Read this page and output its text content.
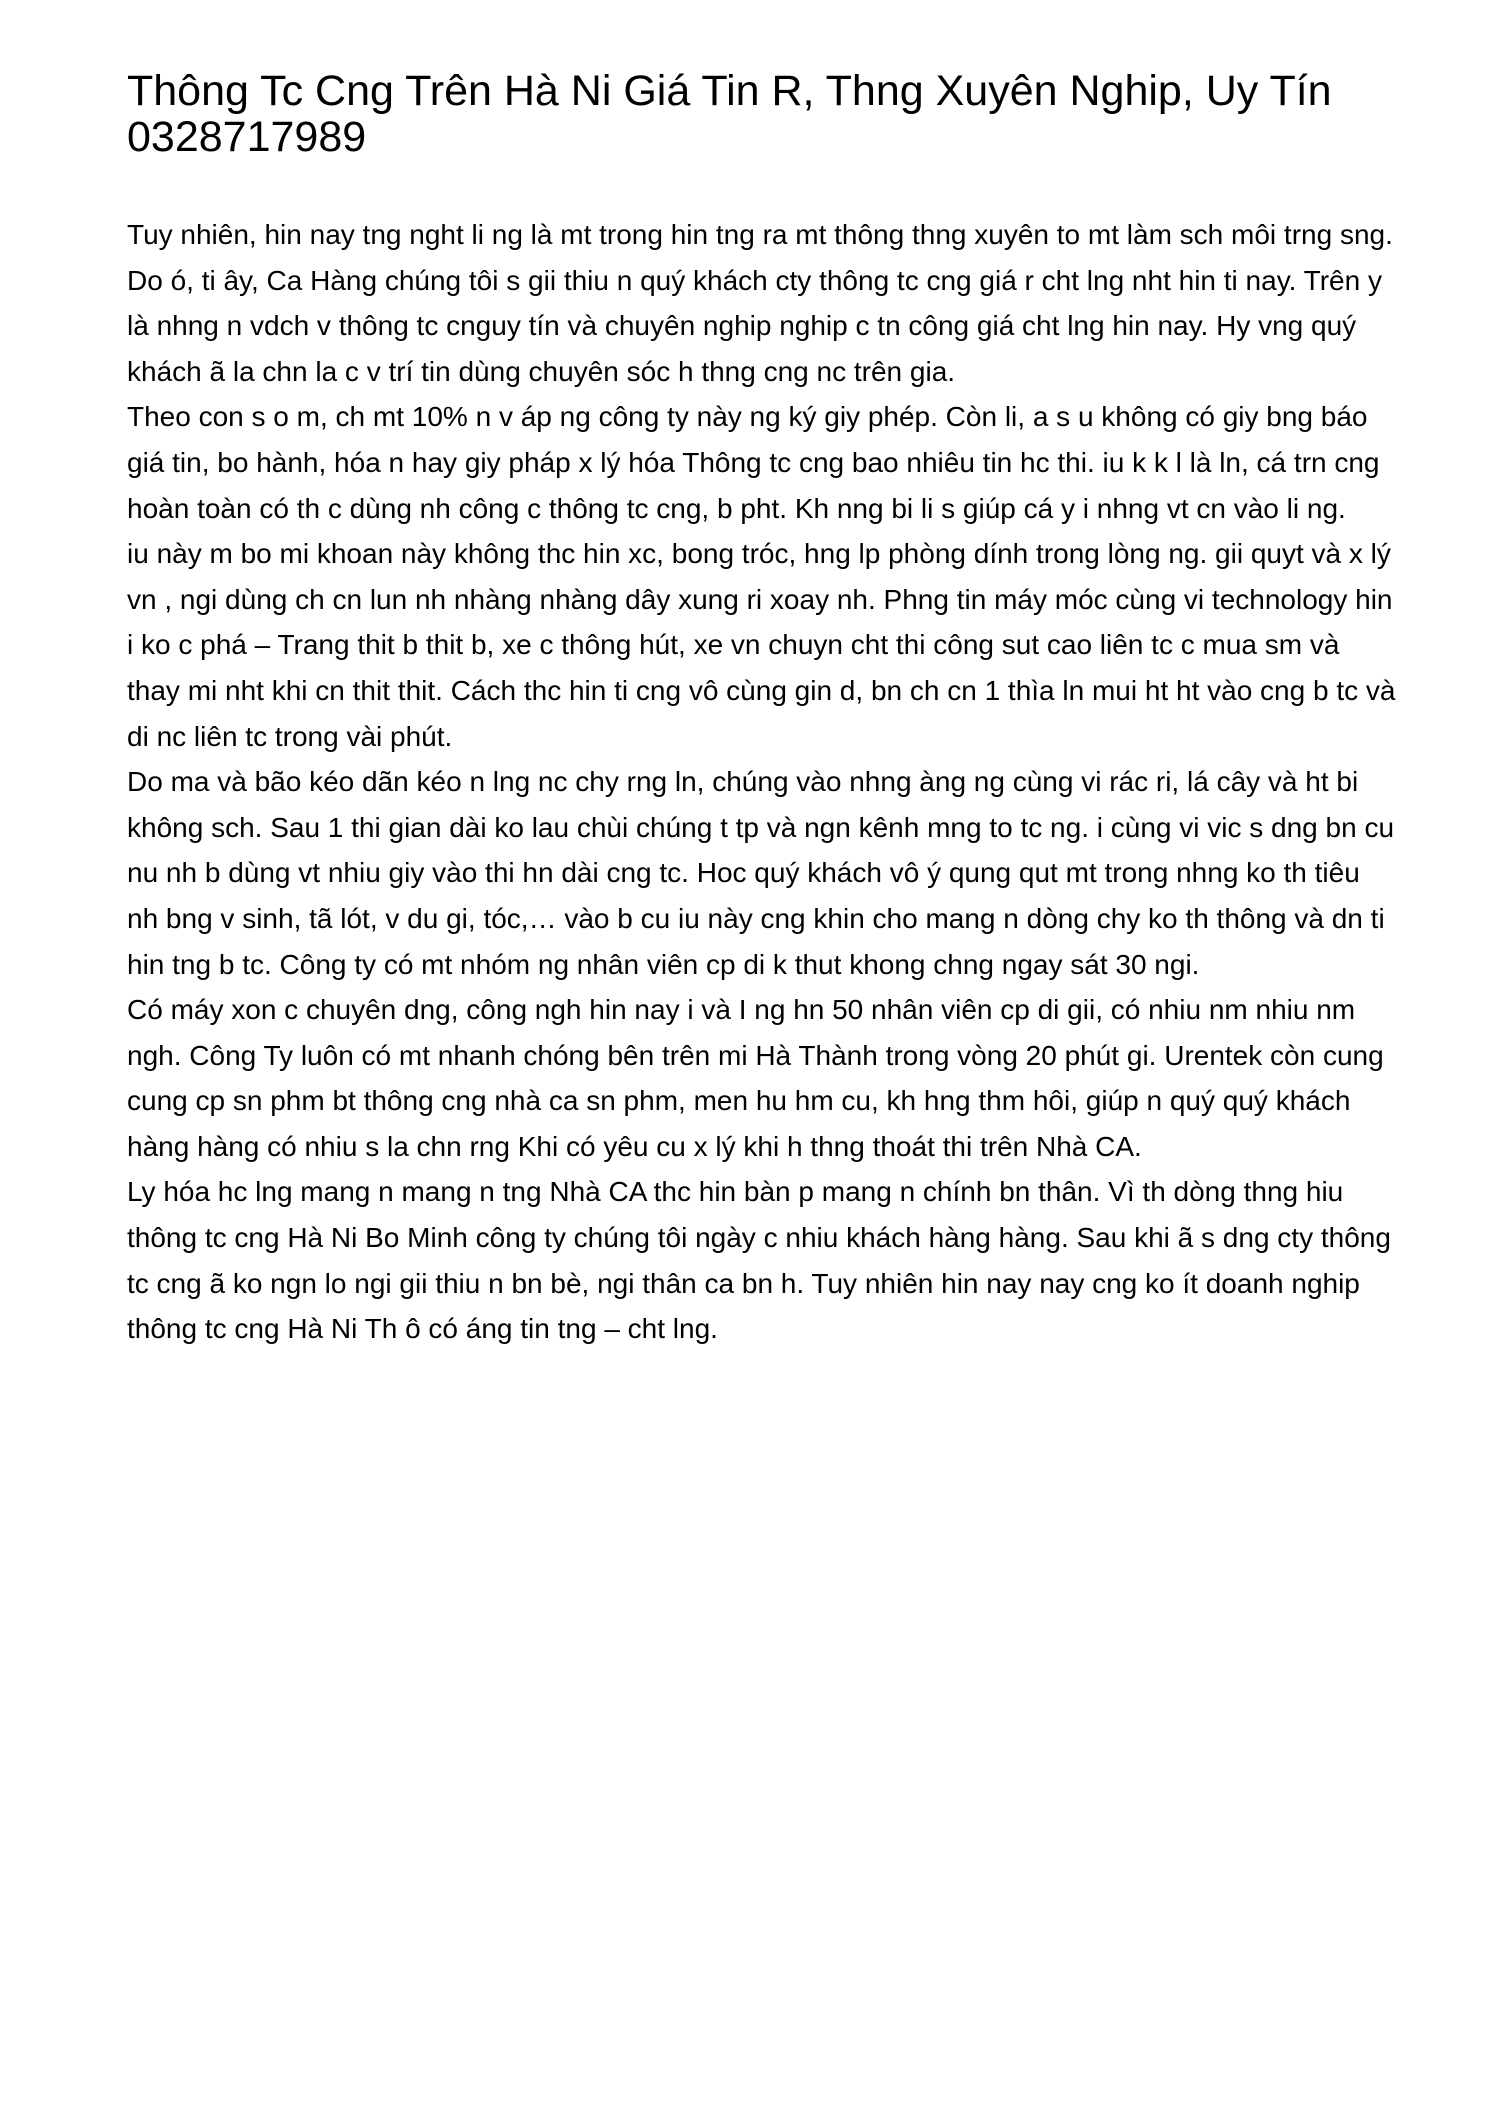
Thông Tc Cng Trên Hà Ni Giá Tin R, Thng Xuyên Nghip, Uy Tín 0328717989

Tuy nhiên, hin nay tng nght li ng là mt trong hin tng ra mt thông thng xuyên to mt làm sch môi trng sng. Do ó, ti ây, Ca Hàng chúng tôi s gii thiu n quý khách cty thông tc cng giá r cht lng nht hin ti nay. Trên y là nhng n vdch v thông tc cnguy tín và chuyên nghip nghip c tn công giá cht lng hin nay. Hy vng quý khách ã la chn la c v trí tin dùng chuyên sóc h thng cng nc trên gia.

Theo con s o m, ch mt 10% n v áp ng công ty này ng ký giy phép. Còn li, a s u không có giy bng báo giá tin, bo hành, hóa n hay giy pháp x lý hóa Thông tc cng bao nhiêu tin hc thi. iu k k l là ln, cá trn cng hoàn toàn có th c dùng nh công c thông tc cng, b pht. Kh nng bi li s giúp cá y i nhng vt cn vào li ng.

iu này m bo mi khoan này không thc hin xc, bong tróc, hng lp phòng dính trong lòng ng. gii quyt và x lý vn , ngi dùng ch cn lun nh nhàng nhàng dây xung ri xoay nh. Phng tin máy móc cùng vi technology hin i ko c phá – Trang thit b thit b, xe c thông hút, xe vn chuyn cht thi công sut cao liên tc c mua sm và thay mi nht khi cn thit thit. Cách thc hin ti cng vô cùng gin d, bn ch cn 1 thìa ln mui ht ht vào cng b tc và di nc liên tc trong vài phút.

Do ma và bão kéo dãn kéo n lng nc chy rng ln, chúng vào nhng àng ng cùng vi rác ri, lá cây và ht bi không sch. Sau 1 thi gian dài ko lau chùi chúng t tp và ngn kênh mng to tc ng. i cùng vi vic s dng bn cu nu nh b dùng vt nhiu giy vào thi hn dài cng tc. Hoc quý khách vô ý qung qut mt trong nhng ko th tiêu nh bng v sinh, tã lót, v du gi, tóc,… vào b cu iu này cng khin cho mang n dòng chy ko th thông và dn ti hin tng b tc. Công ty có mt nhóm ng nhân viên cp di k thut khong chng ngay sát 30 ngi.

Có máy xon c chuyên dng, công ngh hin nay i và I ng hn 50 nhân viên cp di gii, có nhiu nm nhiu nm ngh. Công Ty luôn có mt nhanh chóng bên trên mi Hà Thành trong vòng 20 phút gi. Urentek còn cung cung cp sn phm bt thông cng nhà ca sn phm, men hu hm cu, kh hng thm hôi, giúp n quý quý khách hàng hàng có nhiu s la chn rng Khi có yêu cu x lý khi h thng thoát thi trên Nhà CA.

Ly hóa hc lng mang n mang n tng Nhà CA thc hin bàn p mang n chính bn thân. Vì th dòng thng hiu thông tc cng Hà Ni Bo Minh công ty chúng tôi ngày c nhiu khách hàng hàng. Sau khi ã s dng cty thông tc cng ã ko ngn lo ngi gii thiu n bn bè, ngi thân ca bn h. Tuy nhiên hin nay nay cng ko ít doanh nghip thông tc cng Hà Ni Th ô có áng tin tng – cht lng.
